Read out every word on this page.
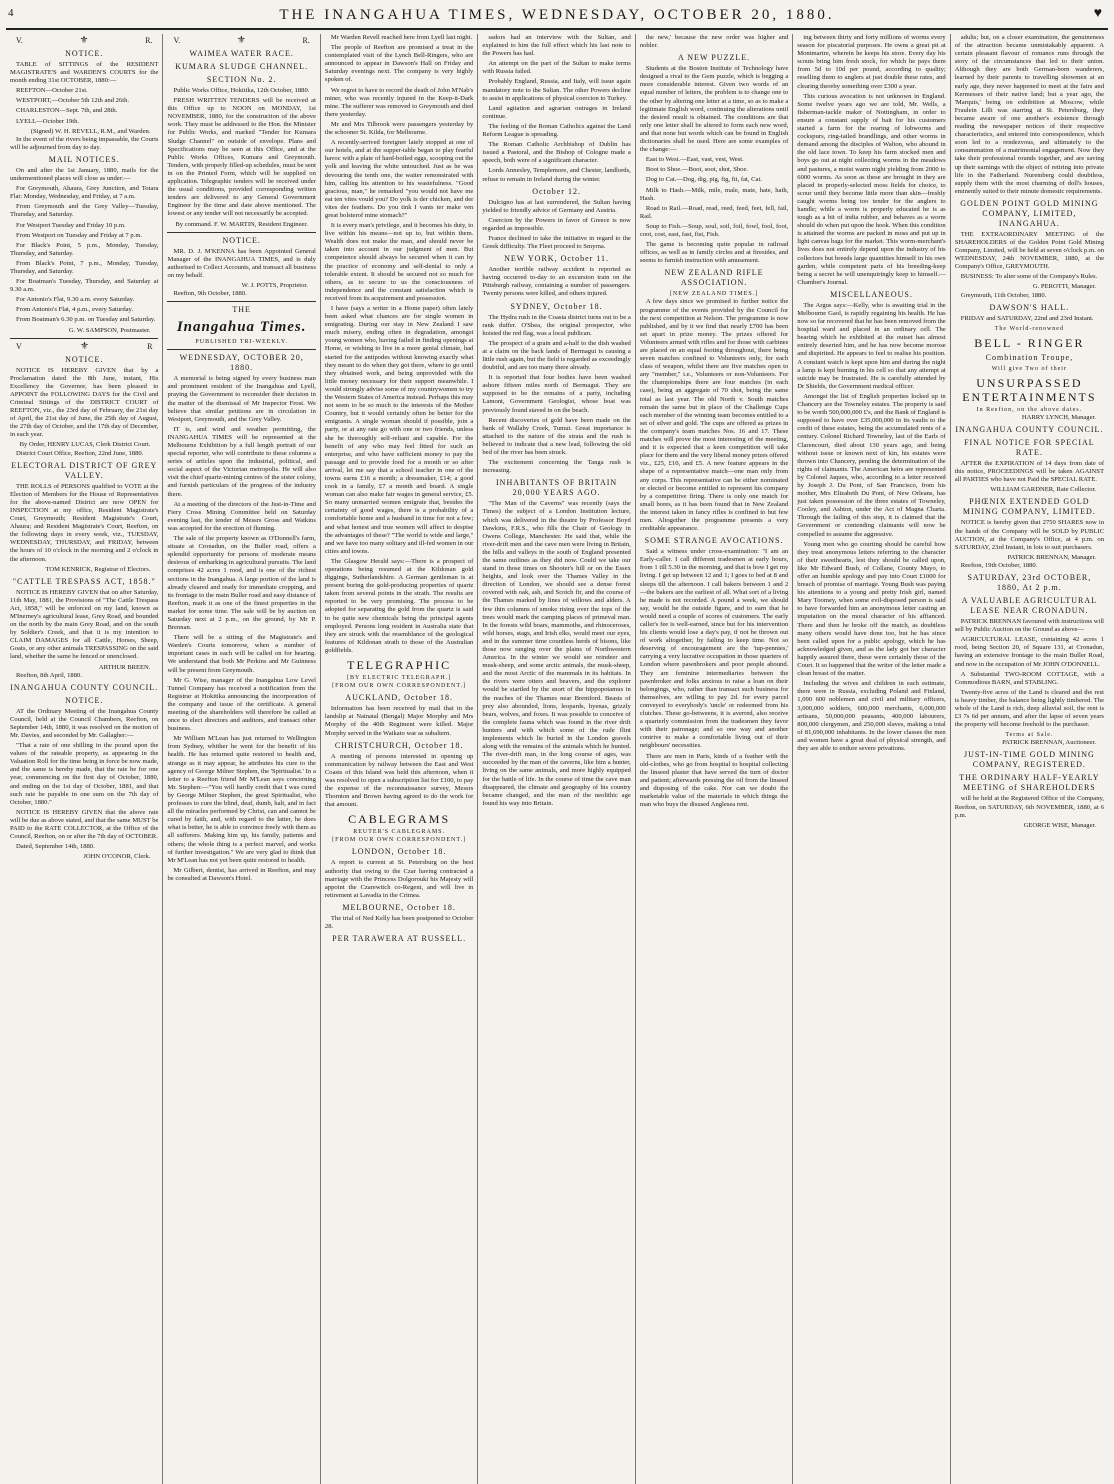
4	THE INANGAHUA TIMES, WEDNESDAY, OCTOBER 20, 1880.	♥
V.	⚜	R.
NOTICE.

TABLE of SITTINGS of the RESIDENT MAGISTRATE'S and WARDEN'S COURTS for the month ending 31st OCTOBER, 1880:—

REEFTON—October 21st.

WESTPORT,—October 5th 12th and 26th.

CHARLESTON—Sept. 7th, and 28th.

LYELL—October 19th.

(Signed) W. H. REVELL, R.M., and Warden.

In the event of the rivers being impassable, the Courts will be adjourned from day to day.

MAIL NOTICES.

On and after the 1st January, 1880, mails for the undermentioned places will close as under:—

For Greymouth, Ahaura, Grey Junction, and Totara Flat: Monday, Wednesday, and Friday, at 7 a.m.

From Greymouth and the Grey Valley—Tuesday, Thursday, and Saturday.

For Westport Tuesday and Friday 10 p.m.

From Westport on Tuesday and Friday at 7 p.m.

For Black's Point, 5 p.m., Monday, Tuesday, Thursday, and Saturday.

From Black's Point, 7 p.m., Monday, Tuesday, Thursday, and Saturday.

For Boatman's Tuesday, Thursday, and Saturday at 9.30 a.m.

For Antonio's Flat, 9.30 a.m. every Saturday.

From Antonio's Flat, 4 p.m., every Saturday.

From Boatman's 6.30 p.m. on Tuesday and Saturday.

G. W. SAMPSON, Postmaster.
V	⚜	R
NOTICE.

NOTICE IS HEREBY GIVEN that by a Proclamation dated the 8th June, instant, His Excellency the Governor, has been pleased to APPOINT the FOLLOWING DAYS for the Civil and Criminal Sittings of the DISTRICT COURT of REEFTON, viz., the 23rd day of February, the 21st day of April, the 21st day of June, the 25th day of August, the 27th day of October, and the 17th day of December, in each year.

By Order, HENRY LUCAS, Clerk District Court.

District Court Office, Reefton, 22nd June, 1880.

ELECTORAL DISTRICT OF GREY VALLEY.

THE ROLLS of PERSONS qualified to VOTE at the Election of Members for the House of Representatives for the above-named District are now OPEN for INSPECTION at my office, Resident Magistrate's Court, Greymouth; Resident Magistrate's Court, Ahaura; and Resident Magistrate's Court, Reefton, on the following days in every week, viz., TUESDAY, WEDNESDAY, THURSDAY, and FRIDAY, between the hours of 10 o'clock in the morning and 2 o'clock in the afternoon.

TOM KENRICK, Registrar of Electors.
"CATTLE TRESPASS ACT, 1858."

NOTICE IS HEREBY GIVEN that on after Saturday, 11th May, 1881, the Provisions of "The Cattle Trespass Act, 1858," will be enforced on my land, known as M'Inerney's agricultural lease, Grey Road, and bounded on the north by the main Grey Road, and on the south by Soldier's Creek, and that it is my intention to CLAIM DAMAGES for all Cattle, Horses, Sheep, Goats, or any other animals TRESPASSING on the said land, whether the same be fenced or unenclosed.

ARTHUR BREEN.

Reefton, 8th April, 1880.

INANGAHUA COUNTY COUNCIL.
NOTICE.

AT the Ordinary Meeting of the Inangahua County Council, held at the Council Chambers, Reefton, on September 14th, 1880, it was resolved on the motion of Mr. Davies, and seconded by Mr. Gallagher:—

"That a rate of one shilling in the pound upon the values of the rateable property, as appearing in the Valuation Roll for the time being in force be now made, and the same is hereby made, that the rate be for one year, commencing on the first day of October, 1880, and ending on the 1st day of October, 1881, and that such rate be payable in one sum on the 7th day of October, 1880."

NOTICE IS HEREBY GIVEN that the above rate will be due as above stated, and that the same MUST be PAID to the RATE COLLECTOR, at the Office of the Council, Reefton, on or after the 7th day of OCTOBER.

Dated, September 14th, 1880.

JOHN O'CONOR, Clerk.
V.	⚜	R.
WAIMEA WATER RACE.
KUMARA SLUDGE CHANNEL.
SECTION No. 2.

Public Works Office, Hokitika, 12th October, 1880.

FRESH WRITTEN TENDERS will be received at this Office up to NOON on MONDAY, 1st NOVEMBER, 1880, for the construction of the above work. They must be addressed to the Hon. the Minister for Public Works, and marked "Tender for Kumara Sludge Channel" on outside of envelope. Plans and Specifications may be seen at this Office, and at the Public Works Offices, Kumara and Greymouth. Tenders, with properly filled-up schedules, must be sent in on the Printed Form, which will be supplied on application. Telegraphic tenders will be received under the usual conditions, provided corresponding written tenders are delivered to any General Government Engineer by the time and date above mentioned. The lowest or any tender will not necessarily be accepted.

By command. F. W. MARTIN, Resident Engineer.
NOTICE.

MR. D. J. M'KENNA has been Appointed General Manager of the INANGAHUA TIMES, and is duly authorised to Collect Accounts, and transact all business on my behalf.

W. J. POTTS, Proprietor.

Reefton, 9th October, 1880.

THE
Inangahua Times.
PUBLISHED TRI-WEEKLY.
WEDNESDAY, OCTOBER 20, 1880.

A memorial is being signed by every business man and prominent resident of the Inangahua and Lyell, praying the Government to reconsider their decision in the matter of the dismissal of Mr Inspector Frost. We believe that similar petitions are in circulation in Westport, Greymouth, and the Grey Valley.

IT is, and wind and weather permitting, the INANGAHUA TIMES will be represented at the Melbourne Exhibition by a full length portrait of our special reporter, who will contribute to these columns a series of articles upon the industrial, political, and social aspect of the Victorian metropolis. He will also visit the chief quartz-mining centres of the sister colony, and furnish particulars of the progress of the industry there.

At a meeting of the directors of the Just-in-Time and Fiery Cross Mining Committee held on Saturday evening last, the tender of Messrs Gross and Watkins was accepted for the erection of fluming.

The sale of the property known as O'Donnell's farm, situate at Cronadun, on the Buller road, offers a splendid opportunity for persons of moderate means desirous of embarking in agricultural pursuits. The land comprises 42 acres 1 rood, and is one of the richest sections in the Inangahua. A large portion of the land is already cleared and ready for immediate cropping, and its frontage to the main Buller road and easy distance of Reefton, mark it as one of the finest properties in the market for some time. The sale will be by auction on Saturday next at 2 p.m., on the ground, by Mr P. Brennan.

There will be a sitting of the Magistrate's and Warden's Courts tomorrow, when a number of important cases in each will be called on for hearing. We understand that both Mr Perkins and Mr Guinness will be present from Greymouth.

Mr G. Wise, manager of the Inangahua Low Level Tunnel Company has received a notification from the Registrar at Hokitika announcing the incorporation of the company and issue of the certificate. A general meeting of the shareholders will therefore be called at once to elect directors and auditors, and transact other business.

Mr William M'Lean has just returned to Wellington from Sydney, whither he went for the benefit of his health. He has returned quite restored to health and, strange as it may appear, he attributes his cure to the agency of George Milner Stephen, the 'Spiritualist.' In a letter to a Reefton friend Mr M'Lean says concerning Mr. Stephen:—"You will hardly credit that I was cured by George Milner Stephen, the great Spiritualist, who professes to cure the blind, deaf, dumb, halt, and in fact all the miracles performed by Christ, can and cannot be cured by faith, and, with regard to the latter, he does what is better, he is able to convince freely with them as all sufferers. Making him up, his family, patients and others; the whole thing is a perfect marvel, and works of further investigation." We are very glad to think that Mr M'Lean has not yet been quite restored to health.

Mr Gilbert, dentist, has arrived in Reefton, and may be consulted at Dawson's Hotel.

Mr Warden Revell reached here from Lyell last night.

The people of Reefton are promised a treat in the contemplated visit of the Lynch Bell-Ringers, who are announced to appear in Dawson's Hall on Friday and Saturday evenings next. The company is very highly spoken of.

We regret to have to record the death of John M'Nab's miner, who was recently injured in the Keep-it-Dark mine. The sufferer was removed to Greymouth and died there yesterday.

Mr and Mrs Tilbrook were passengers yesterday by the schooner St. Kilda, for Melbourne.

A recently-arrived foreigner lately stopped at one of our hotels, and at the supper-table began to play fearful havoc with a plate of hard-boiled eggs, scooping out the yolk and leaving the white untouched. Just as he was devouring the tenth one, the waiter remonstrated with him, calling his attention to his wastefulness. "Good gracious, man," he remarked "you would not have me eat ten vites vould you? Do yolk is der chicken, and der vites der feathers. Do you tink I vants ter make ven great bolsterof mine stomach?"

It is every man's privilege, and it becomes his duty, to live within his means—not up to, but within them. Wealth does not make the man, and should never be taken into account in our judgment of men. But competence should always be secured when it can by the practice of economy and self-denial to only a tolerable extent. It should be secured not so much for others, as to secure to us the consciousness of independence and the constant satisfaction which is received from its acquirement and possession.

I have (says a writer in a Home paper) often lately been asked what chances are for single women in emigrating. During our stay in New Zealand I saw much misery, ending often in degradation, amongst young women who, having failed in finding openings at Home, or wishing to live in a more genial climate, had started for the antipodes without knowing exactly what they meant to do when they got there, where to go until they obtained work, and being unprovided with the little money necessary for their support meanwhile. I would strongly advise some of my countrywomen to try the Western States of America instead. Perhaps this may not seem to be so much to the interests of the Mother Country, but it would certainly often be better for the emigrants. A single woman should if possible, join a party, or at any rate go with one or two friends, unless she be thoroughly self-reliant and capable. For the benefit of any who may feel fitted for such an enterprise, and who have sufficient money to pay the passage and to provide food for a month or so after arrival, let me say that a school teacher in one of the towns earns £16 a month; a dressmaker, £14; a good cook in a family, £7 a month and board. A single woman can also make fair wages in general service, £5. So many unmarried women emigrate that, besides the certainty of good wages, there is a probability of a comfortable home and a husband in time for not a few; and what honest and true women will affect to despise the advantages of these? "The world is wide and large," and we have too many solitary and ill-fed women in our cities and towns.

The Glasgow Herald says:—There is a prospect of operations being resumed at the Kildonan gold diggings, Sutherlandshire. A German gentleman is at present boring the gold-producing properties of quartz taken from several points in the strath. The results are reported to be very promising. The process to be adopted for separating the gold from the quartz is said to be quite new chemicals being the principal agents employed. Persons long resident in Australia state that they are struck with the resemblance of the geological features of Kildonan strath to those of the Australian goldfields.

TELEGRAPHIC
[BY ELECTRIC TELEGRAPH.]
[FROM OUR OWN CORRESPONDENT.]
AUCKLAND, October 18.

Information has been received by mail that in the landslip at Nainatal (Bengal) Major Morphy and Mrs Morphy of the 40th Regiment were killed. Major Morphy served in the Waikato war as subaltern.

CHRISTCHURCH, October 18.

A meeting of persons interested in opening up communication by railway between the East and West Coasts of this Island was held this afternoon, when it was resolved to open a subscription list for £100, to pay the expense of the reconnaissance survey, Messrs Thornton and Brown having agreed to do the work for that amount.

CABLEGRAMS
REUTER'S CABLEGRAMS.
[FROM OUR OWN CORRESPONDENT.]
LONDON, October 18.

A report is current at St. Petersburg on the best authority that owing to the Czar having contracted a marriage with the Princess Dolgorouki his Majesty will appoint the Czarewitch co-Regent, and will live in retirement at Lavadia in the Crimea.

MELBOURNE, October 18.

The trial of Ned Kelly has been postponed to October 28.

PER TARAWERA AT RUSSELL.

sadors had an interview with the Sultan, and explained to him the full effect which his last note to the Powers has had.

An attempt on the part of the Sultan to make terms with Russia failed.

Probably England, Russia, and Italy, will issue again mandatory note to the Sultan. The other Powers decline to assist in applications of physical coercion to Turkey.

Land agitation and agrarian outrages in Ireland continue.

The feeling of the Roman Catholics against the Land Reform League is spreading.

The Roman Catholic Archbishop of Dublin has issued a Pastoral, and the Bishop of Cologne made a speech, both were of a significant character.

Lords Annesley, Templemore, and Chester, landlords, refuse to remain in Ireland during the winter.

October 12.

Dulcigno has at last surrendered, the Sultan having yielded to friendly advice of Germany and Austria.

Coercion by the Powers in favor of Greece is now regarded as impossible.

France declined to take the initiative in regard to the Greek difficulty. The Fleet proceed to Smyrna.

NEW YORK, October 11.

Another terrible railway accident is reported as having occurred to-day to an excursion train on the Pittsburgh railway, containing a number of passengers. Twenty persons were killed, and others injured.

SYDNEY, October 18.

The Hydra rush in the Coasta district turns out to be a rank duffer. O'Shea, the original prospector, who hoisted the red flag, was a local publican.

The prospect of a grain and a-half to the dish washed at a claim on the back lands of Bermagui is causing a little rush again, but the field is regarded as exceedingly doubtful, and are too many there already.

It is reported that four bodies have been washed ashore fifteen miles north of Bermagui. They are supposed to be the remains of a party, including Lamont, Government Geologist, whose boat was previously found staved in on the beach.

Recent discoveries of gold have been made on the bank of Wallaby Creek, Tumut. Great importance is attached to the nature of the strata and the rush is believed to indicate that a new lead, following the old bed of the river has been struck.

The excitement concerning the Tanga rush is increasing.

INHABITANTS OF BRITAIN 20,000 YEARS AGO.

"The Man of the Caverns" was recently (says the Times) the subject of a London Institution lecture, which was delivered in the theatre by Professor Boyd Dawkins, F.R.S., who fills the Chair of Geology in Owens College, Manchester. He said that, while the river-drift men and the cave men were living in Britain, the hills and valleys in the south of England presented the same outlines as they did now. Could we take our stand in those times on Shooter's hill or on the Essex heights, and look over the Thames Valley in the direction of London, we should see a dense forest covered with oak, ash, and Scotch fir, and the course of the Thames marked by lines of willows and alders. A few thin columns of smoke rising over the tops of the trees would mark the camping places of primeval man. In the forests wild boars, mammoths, and rhinoceroses, wild horses, stags, and Irish elks, would meet our eyes, and in the summer time countless herds of bisons, like those now ranging over the plains of Northwestern America. In the winter we would see reindeer and musk-sheep, and some arctic animals, the musk-sheep, and the most Arctic of the mammals in its habitats. In the rivers were otters and beavers, and the explorer would be startled by the snort of the hippopotamus in the reaches of the Thames near Brentford. Beasts of prey also abounded, lions, leopards, hyenas, grizzly bears, wolves, and foxes. It was possible to conceive of the complete fauna which was found in the river drift hunters and with which some of the rude flint implements which lie buried in the London gravels along with the remains of the animals which he hunted. The river-drift man, in the long course of ages, was succeeded by the man of the caverns, like him a hunter, living on the same animals, and more highly equipped for the battle of life. In the course of time the cave man disappeared, the climate and geography of his country became changed, and the man of the neolithic age found his way into Britain.

the new,' because the new order was higher and nobler.

A NEW PUZZLE.

Students at the Boston Institute of Technology have designed a rival to the Gem puzzle, which is begging a more considerable interest. Given two words of an equal number of letters, the problem is to change one to the other by altering one letter at a time, so as to make a legitimate English word, continuing the alterations until the desired result is obtained. The conditions are that only one letter shall be altered to form each new word, and that none but words which can be found in English dictionaries shall be used. Here are some examples of the change:—

East to West.—East, vast, vest, West.

Boot to Shoe.—Boot, soot, shot, Shoe.

Dog to Cat.—Dog, dig, pig, fig, fit, fat, Cat.

Milk to Hash.—Milk, mile, male, mate, hate, hath, Hash.

Road to Rail.—Road, read, reed, feed, feet, fell, fail, Rail.

Soup to Fish.—Soup, soul, soil, foil, fowl, fool, foot, coot, cost, east, fast, fist, Fish.

The game is becoming quite popular in railroad offices, as well as in family circles and at firesides, and seems to furnish instruction with amusement.

NEW ZEALAND RIFLE ASSOCIATION.
[NEW ZEALAND TIMES.]

A few days since we promised to further notice the programme of the events provided by the Council for the next competition at Nelson. The programme is now published, and by it we find that nearly £700 has been set apart in prize money. The prizes offered for Volunteers armed with rifles and for those with carbines are placed on an equal footing throughout, there being seven matches confined to Volunteers only, for each class of weapon, whilst there are five matches open to any "member," i.e., Volunteers or non-Volunteers. For the championships there are four matches (in each case), being an aggregate of 70 shot, being the same total as last year. The old North v. South matches remain the same but in place of the Challenge Cups each member of the winning team becomes entitled to a set of silver and gold. The cups are offered as prizes in the company's team matches Nos. 16 and 17. These matches will prove the most interesting of the meeting, and it is expected that a keen competition will take place for them and the very liberal money prizes offered viz., £25, £10, and £5. A new feature appears in the shape of a representative match—one man only from any corps. This representative can be either nominated or elected or become entitled to represent his company by a competitive firing. There is only one match for small bores, as it has been found that in New Zealand the interest taken in fancy rifles is confined to but few men. Altogether the programme presents a very creditable appearance.

SOME STRANGE AVOCATIONS.

Said a witness under cross-examination: "I am an Early-caller. I call different tradesmen at early hours, from 1 till 5.30 in the morning, and that is how I get my living. I get up between 12 and 1; I goes to bed at 8 and sleeps till the afternoon. I call bakers between 1 and 2—the bakers are the earliest of all. What sort of a living he made is not recorded. A pound a week, we should say, would be the outside figure, and to earn that he would need a couple of scores of customers. The early caller's fee is well-earned, since but for his intervention his clients would lose a day's pay, if not be thrown out of work altogether, by failing to keep time. Not so deserving of encouragement are the 'tup-pennies,' carrying a very lucrative occupation in those quarters of London where pawnbrokers and poor people abound. They are feminine intermediaries between the pawnbroker and folks anxious to raise a loan on their belongings, who, rather than transact such business for themselves, are willing to pay 2d. for every parcel conveyed to everybody's 'uncle' or redeemed from his clutches. These go-betweens, it is averred, also receive a quarterly commission from the tradesmen they favor with their patronage; and so one way and another contrive to make a comfortable living out of their neighbours' necessities.

There are men in Paris, kinds of a feather with the old-clothes, who go from hospital to hospital collecting the linseed plaster that have served the turn of doctor and patient; afterwards pressing the oil from the linseed and disposing of the cake. Nor can we doubt the marketable value of the materials in which things the man who buys the disused Anglesea rent.

ing between thirty and forty millions of worms every season for piscatorial purposes. He owns a great pit at Montmartre, wherein he keeps his store. Every day his scouts bring him fresh stock, for which he pays them from 5d to 10d per pound, according to quality; reselling them to anglers at just double these rates, and clearing thereby something over £300 a year.

This curious avocation is not unknown in England. Some twelve years ago we are told, Mr. Wells, a fisherman-tackle maker of Nottingham, in order to ensure a constant supply of bait for his customers started a farm for the rearing of lobworms and cockspurs, ring-tailed brandlings, and other worms in demand among the disciples of Walton, who abound in the old lace town. To keep his farm stocked men and boys go out at night collecting worms in the meadows and pastures, a moist warm night yielding from 2000 to 6000 worms. As soon as these are brought in they are placed in properly-selected moss fields for choice, to scour until they become little more than skin—freshly caught worms being too tender for the anglers to handle; while a worm is properly educated he is as tough as a bit of india rubber, and behaves as a worm should do when put upon the hook. When this condition is attained the worms are packed in moss and put up in light canvas bags for the market. This worm-merchant's lives does not entirely depend upon the industry of his collectors but breeds large quantities himself in his own garden, while competent parts of his breeding-keep being a secret he will unenquiringly keep to himself.—Chamber's Journal.

MISCELLANEOUS.

The Argus says:—Kelly, who is awaiting trial in the Melbourne Gaol, is rapidly regaining his health. He has now so far recovered that he has been removed from the hospital ward and placed in an ordinary cell. The bearing which he exhibited at the outset has almost entirely deserted him, and he has now become morose and dispirited. He appears to feel to realise his position. A constant watch is kept upon him and during the night a lamp is kept burning in his cell so that any attempt at suicide may be frustrated. He is carefully attended by Dr Shields, the Government medical officer.

Amongst the list of English properties locked up in Chancery are the Towneley estates. The property is said to be worth 500,000,000 £'s, and the Bank of England is supposed to have over £35,000,000 in its vaults to the credit of these estates, being the accumulated rents of a century. Colonel Richard Towneley, last of the Earls of Clarencourt, died about 130 years ago, and being without issue or known next of kin, his estates were thrown into Chancery, pending the determination of the rights of claimants. The American heirs are represented by Colonel Jaques, who, according to a letter received by Joseph J. Du Pont, of San Francisco, from his mother, Mrs Elizabeth Du Pont, of New Orleans, has just taken possession of the three estates of Towneley, Cooley, and Ashton, under the Act of Magna Charta. Through the failing of this step, it is claimed that the Government or contending claimants will now be compelled to assume the aggressive.

Young men who go courting should be careful how they treat anonymous letters referring to the character of their sweethearts, lest they should be called upon, like Mr Edward Bush, of Collane, County Mayo, to offer an humble apology and pay into Court £1000 for breach of promise of marriage. Young Bush was paying his attentions to a young and pretty Irish girl, named Mary Toomey, when some evil-disposed person is said to have forwarded him an anonymous letter casting an imputation on the moral character of his affianced. There and then he broke off the match, as doubtless many others would have done too, but he has since been called upon for a public apology, which he has acknowledged given, and as the lady got her character happily assured there, these were certainly those of the Court. It so happened that the writer of the letter made a clean breast of the matter.

Including the wives and children in each estimate, there were in Russia, excluding Poland and Finland, 1,090 600 noblemen and civil and military officers, 3,000,000 soldiers, 600,000 merchants, 6,000,000 artisans, 50,000,000 peasants, 400,000 labourers, 800,000 clergymen, and 250,000 slaves, making a total of 81,690,000 inhabitants. In the lower classes the men and women have a great deal of physical strength, and they are able to endure severe privations.

adults; but, on a closer examination, the genuineness of the attraction became unmistakably apparent. A certain pleasant flavour of romance runs through the story of the circumstances that led to their union. Although they are both German-born wanderers, learned by their parents to travelling showmen at an early age, they never happened to meet at the fairs and Kermesses of their native land; but a year ago, the 'Marquis,' being on exhibition at Moscow, while Fraulein Lilli was starring at St. Petersburg, they became aware of one another's existence through reading the newspaper notices of their respective characteristics, and entered into correspondence, which soon led to a rendezvous, and ultimately to the consummation of a matrimonial engagement. Now they take their professional rounds together, and are saving up their earnings with the object of retiring into private life in the Fatherland. Nuremberg could doubtless, supply them with the most charming of doll's houses, eminently suited to their minute domestic requirements.

GOLDEN POINT GOLD MINING COMPANY, LIMITED, INANGAHUA.

THE EXTRAORDINARY MEETING of the SHAREHOLDERS of the Golden Point Gold Mining Company, Limited, will be held at seven o'clock p.m. on WEDNESDAY, 24th NOVEMBER, 1880, at the Company's Office, GREYMOUTH.

BUSINESS: To alter some of the Company's Rules.

G. PEROTTI, Manager.

Greymouth, 11th October, 1880.

DAWSON'S HALL.

FRIDAY and SATURDAY, 22nd and 23rd Instant.

The World-renowned
BELL - RINGER
Combination Troupe,
Will give Two of their
UNSURPASSED ENTERTAINMENTS
In Reefton, on the above dates.
HARRY LYNCH, Manager.
INANGAHUA COUNTY COUNCIL.
FINAL NOTICE FOR SPECIAL RATE.

AFTER the EXPIRATION of 14 days from date of this notice, PROCEEDINGS will be taken AGAINST all PARTIES who have not Paid the SPECIAL RATE.

WILLIAM GARDNER, Rate Collector.
PHŒNIX EXTENDED GOLD MINING COMPANY, LIMITED.

NOTICE is hereby given that 2750 SHARES now in the hands of the Company will be SOLD by PUBLIC AUCTION, at the Company's Office, at 4 p.m. on SATURDAY, 23rd Instant, in lots to suit purchasers.

PATRICK BRENNAN, Manager.

Reefton, 19th October, 1880.

SATURDAY, 23rd OCTOBER, 1880, At 2 p.m.
A VALUABLE AGRICULTURAL LEASE NEAR CRONADUN.

PATRICK BRENNAN favoured with instructions will sell by Public Auction on the Ground as above—

AGRICULTURAL LEASE, containing 42 acres 1 rood, being Section 20, of Square 131, at Cronadun, having an extensive frontage to the main Buller Road, and now in the occupation of Mr JOHN O'DONNELL.

A Substantial TWO-ROOM COTTAGE, with a Commodious BARN, and STABLING.

Twenty-five acres of the Land is cleared and the rest is heavy timber, the balance being lightly timbered. The whole of the Land is rich, deep alluvial soil, the rent is £3 7s 6d per annum, and after the lapse of seven years the property will become freehold to the purchaser.

Terms at Sale.
PATRICK BRENNAN, Auctioneer.
JUST-IN-TIME GOLD MINING COMPANY, REGISTERED.
THE ORDINARY HALF-YEARLY MEETING of SHAREHOLDERS

will be held at the Registered Office of the Company, Reefton, on SATURDAY, 6th NOVEMBER, 1880, at 6 p.m.

GEORGE WISE, Manager.
